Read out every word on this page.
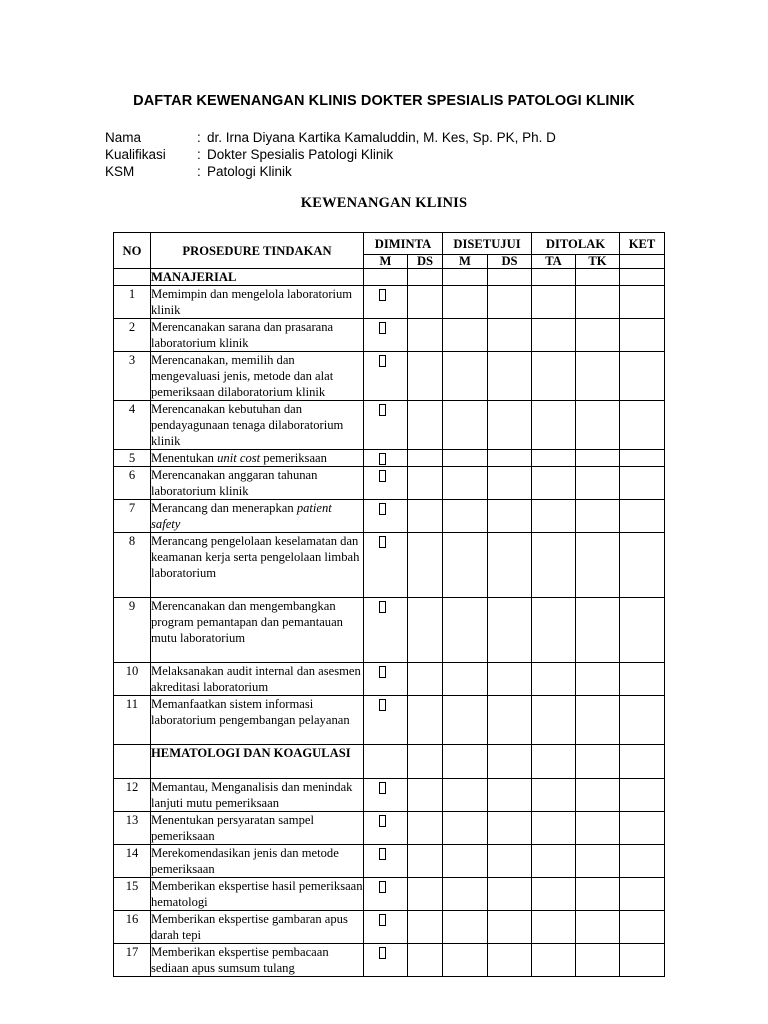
DAFTAR KEWENANGAN KLINIS DOKTER SPESIALIS PATOLOGI KLINIK
Nama	: dr. Irna Diyana Kartika Kamaluddin, M. Kes, Sp. PK, Ph. D
Kualifikasi	: Dokter Spesialis Patologi Klinik
KSM	: Patologi Klinik
KEWENANGAN KLINIS
NO	PROSEDURE TINDAKAN	DIMINTA		DISETUJUI		DITOLAK		KET
		M	DS	M	DS	TA	TK	
	MANAJERIAL							
1	Memimpin dan mengelola laboratorium klinik							
2	Merencanakan sarana dan prasarana laboratorium klinik							
3	Merencanakan, memilih dan mengevaluasi jenis, metode dan alat pemeriksaan dilaboratorium klinik							
4	Merencanakan kebutuhan dan pendayagunaan tenaga dilaboratorium klinik							
5	Menentukan unit cost pemeriksaan							
6	Merencanakan anggaran tahunan laboratorium klinik							
7	Merancang dan menerapkan patient safety							
8	Merancang pengelolaan keselamatan dan keamanan kerja serta pengelolaan limbah laboratorium							
9	Merencanakan dan mengembangkan program pemantapan dan pemantauan mutu laboratorium							
10	Melaksanakan audit internal dan asesmen akreditasi laboratorium							
11	Memanfaatkan sistem informasi laboratorium pengembangan pelayanan							
	HEMATOLOGI DAN KOAGULASI							
12	Memantau, Menganalisis dan menindak lanjuti mutu pemeriksaan							
13	Menentukan persyaratan sampel pemeriksaan							
14	Merekomendasikan jenis dan metode pemeriksaan							
15	Memberikan ekspertise hasil pemeriksaan hematologi							
16	Memberikan ekspertise gambaran apus darah tepi							
17	Memberikan ekspertise pembacaan sediaan apus sumsum tulang							
